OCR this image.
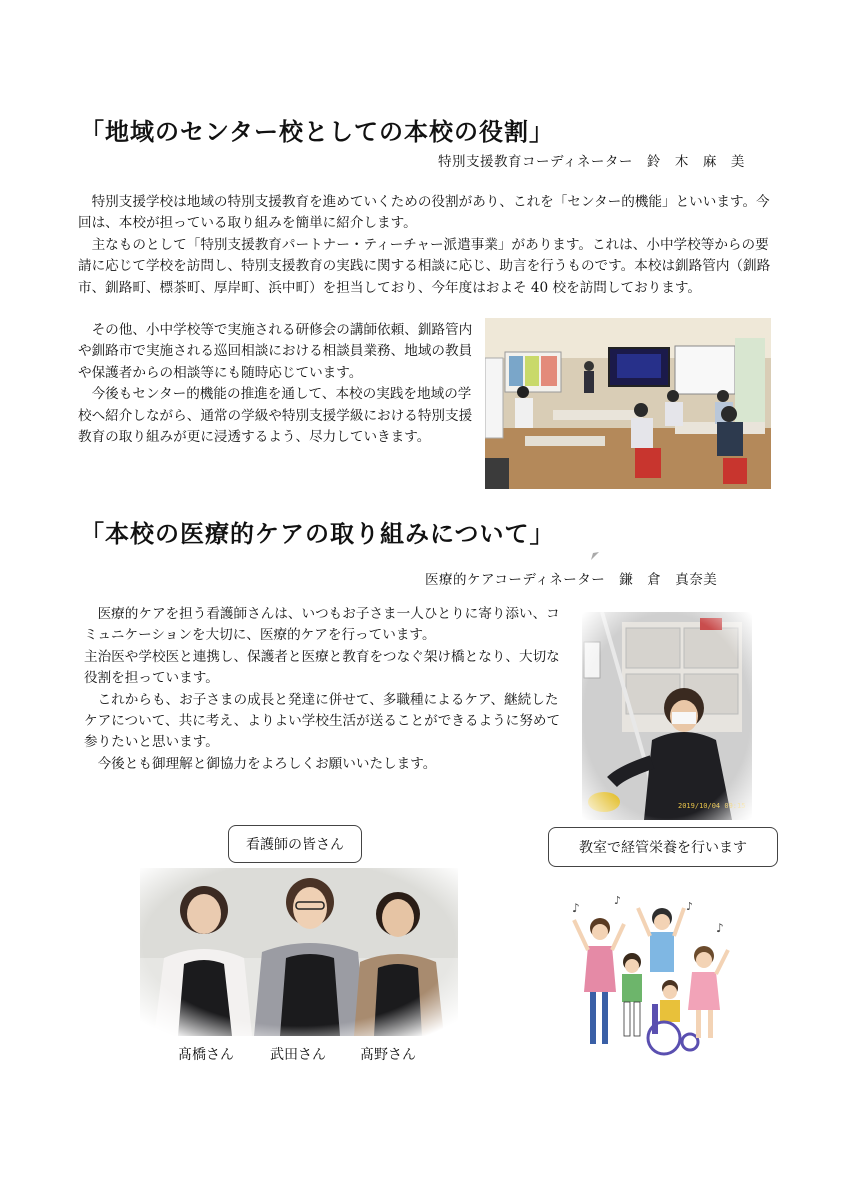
「地域のセンター校としての本校の役割」
特別支援教育コーディネーター　鈴　木　麻　美

特別支援学校は地域の特別支援教育を進めていくための役割があり、これを「センター的機能」といいます。今回は、本校が担っている取り組みを簡単に紹介します。

主なものとして「特別支援教育パートナー・ティーチャー派遣事業」があります。これは、小中学校等からの要請に応じて学校を訪問し、特別支援教育の実践に関する相談に応じ、助言を行うものです。本校は釧路管内（釧路市、釧路町、標茶町、厚岸町、浜中町）を担当しており、今年度はおよそ 40 校を訪問しております。

その他、小中学校等で実施される研修会の講師依頼、釧路管内や釧路市で実施される巡回相談における相談員業務、地域の教員や保護者からの相談等にも随時応じています。

今後もセンター的機能の推進を通して、本校の実践を地域の学校へ紹介しながら、通常の学級や特別支援学級における特別支援教育の取り組みが更に浸透するよう、尽力していきます。

「本校の医療的ケアの取り組みについて」
医療的ケアコーディネーター　鎌　倉　真奈美

医療的ケアを担う看護師さんは、いつもお子さま一人ひとりに寄り添い、コミュニケーションを大切に、医療的ケアを行っています。

主治医や学校医と連携し、保護者と医療と教育をつなぐ架け橋となり、大切な役割を担っています。

これからも、お子さまの成長と発達に併せて、多職種によるケア、継続したケアについて、共に考え、よりよい学校生活が送ることができるように努めて参りたいと思います。

今後とも御理解と御協力をよろしくお願いいたします。

看護師の皆さん	教室で経管栄養を行います
髙橋さん	武田さん 髙野さん
♪
♪	♪
♪
